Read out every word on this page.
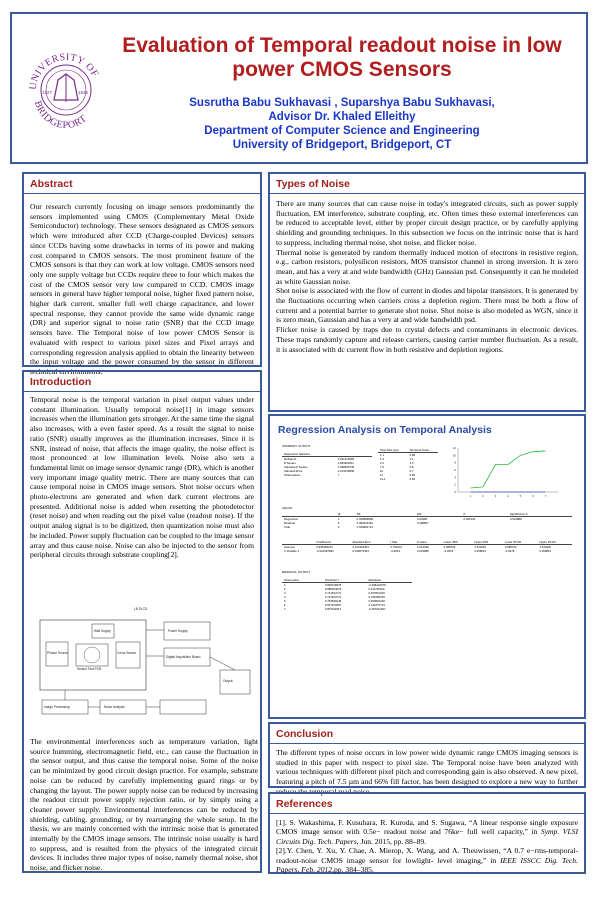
UNIVERSITY OF
BRIDGEPORT
1927	1936
Evaluation of Temporal readout noise in low power CMOS Sensors
Susrutha Babu Sukhavasi , Suparshya Babu Sukhavasi,
Advisor Dr. Khaled Elleithy
Department of Computer Science and Engineering
University of Bridgeport, Bridgeport, CT
Abstract

Our research currently focusing on image sensors predominantly the sensors implemented using CMOS (Complementary Metal Oxide Semiconductor) technology. These sensors designated as CMOS sensors which were introduced after CCD (Charge-coupled Devices) sensors since CCDs having some drawbacks in terms of its power and making cost compared to CMOS sensors. The most prominent feature of the CMOS sensors is that they can work at low voltage. CMOS sensors need only one supply voltage but CCDs require three to four which makes the cost of the CMOS sensor very low compared to CCD. CMOS image sensors in general have higher temporal noise, higher fixed pattern noise, higher dark current, smaller full well charge capacitance, and lower spectral response, they cannot provide the same wide dynamic range (DR) and superior signal to noise ratio (SNR) that the CCD image sensors have. The Temporal noise of low power CMOS Sensor is evaluated with respect to various pixel sizes and Pixel arrays and corresponding regression analysis applied to obtain the linearity between the input voltage and the power consumed by the sensor in different technical environments.

Introduction

Temporal noise is the temporal variation in pixel output values under constant illumination. Usually temporal noise[1] in image sensors increases when the illumination gets stronger. At the same time the signal also increases, with a even faster speed. As a result the signal to noise ratio (SNR) usually improves as the illumination increases. Since it is SNR, instead of noise, that affects the image quality, the noise effect is most pronounced at low illumination levels. Noise also sets a fundamental limit on image sensor dynamic range (DR), which is another very important image quality metric. There are many sources that can cause temporal noise in CMOS image sensors. Shot noise occurs when photo-electrons are generated and when dark current electrons are presented. Additional noise is added when resetting the photodetector (reset noise) and when reading out the pixel value (readout noise). If the output analog signal is to be digitized, then quantization noise must also be included. Power supply fluctuation can be coupled to the image sensor array and thus cause noise. Noise can also be injected to the sensor from peripheral circuits through substrate coupling[2].

LB SLCD
Wall Supply
Photon Source
Sensor Test PCB
Cmos Sensor
Power Supply
Digital Acquisition Board
Output
Image Processing	Noise Analysis

The environmental interferences such as temperature variation, light source humming, electromagnetic field, etc., can cause the fluctuation in the sensor output, and thus cause the temporal noise. Some of the noise can be minimized by good circuit design practice. For example, substrate noise can be reduced by carefully implementing guard rings or by changing the layout. The power supply noise can be reduced by increasing the readout circuit power supply rejection ratio, or by simply using a cleaner power supply. Environmental interferences can be reduced by shielding, cabling, grounding, or by rearranging the whole setup. In the thesis, we are mainly concerned with the intrinsic noise that is generated internally by the CMOS image sensors. The intrinsic noise usually is hard to suppress, and is resulted from the physics of the integrated circuit devices. It includes three major types of noise, namely thermal noise, shot noise, and flicker noise.

Types of Noise

There are many sources that can cause noise in today's integrated circuits, such as power supply fluctuation, EM interference, substrate coupling, etc. Often times these external interferences can be reduced to acceptable level, either by proper circuit design practice, or by carefully applying shielding and grounding techniques. In this subsection we focus on the intrinsic noise that is hard to suppress, including thermal noise, shot noise, and flicker noise.

Thermal noise is generated by random thermally induced motion of electrons in resistive region, e.g., carbon resistors, polysilicon resistors, MOS transistor channel in strong inversion. It is zero mean, and has a very at and wide bandwidth (GHz) Gaussian psd. Consequently it can be modeled as white Gaussian noise.

Shot noise is associated with the flow of current in diodes and bipolar transistors. It is generated by the fluctuations occurring when carriers cross a depletion region. There must be both a flow of current and a potential barrier to generate shot noise. Shot noise is also modeled as WGN, since it is zero mean, Gaussian and has a very at and wide bandwidth psd.

Flicker noise is caused by traps due to crystal defects and contaminants in electronic devices. These traps randomly capture and release carriers, causing carrier number fluctuation. As a result, it is associated with dc current flow in both resistive and depletion regions.

Regression Analysis on Temporal Analysis
SUMMARY OUTPUT
Regression Statistics	
Multiple R	0.291415985
R Square	0.084923211
Adjusted R Square	0.098840746
Standard Error	0.314418658
Observations	7
Pixel Size (µm)	Temporal Noise
1.1	0.86
1.4	1.1
2.2	1.3
7.5	0.8
10	0.7
11	0.85
11.2	0.66
0
2
4
6
8
10
12
1	2	3	4	5	6	7
ANOVA
	df	SS	MS	F	Significance F
Regression	1	0.046889868	0.04685	0.466136	0.524888
Residual	5	0.494032464	0.098807		
Total	6	0.539881714			
	Coefficients	Standard Error	t Stat	P-value	Lower 95%	Upper 95%	Lower 95.0%	Upper 95.0%
Intercept	0.958460279	0.244302363	3.752221	0.013338	0.388763	1.543330	0.388763	1.543330
X Variable 1	-0.020487893	0.030075463	-0.6813	0.524888	-0.0978	0.058823	-0.0978	0.058823
RESIDUAL OUTPUT
Observation	Predicted Y	Residuals
1	0.896418378	-0.036418378
2	0.888204678	0.211795322
3	0.741814771	0.457816229
4	0.741814771	0.158185229
5	0.753816248	0.053816248
6	0.807570287	0.134475713
7	0.807611847	-0.057611847
Conclusion

The different types of noise occurs in low power wide dynamic range CMOS imaging sensors is studied in this paper with respect to pixel size. The Temporal noise have been analyzed with various techniques with different pixel pitch and corresponding gain is also observed. A new pixel, featuring a pitch of 7.5 µm and 66% fill factor, has been designed to explore a new way to further reduce the temporal read noise.

References

[1]. S. Wakashima, F. Kusuhara, R. Kuroda, and S. Sugawa, “A linear response single exposure CMOS image sensor with 0.5e− readout noise and 76ke− full well capacity,” in Symp. VLSI Circuits Dig. Tech. Papers, Jun. 2015, pp. 88–89.

[2].Y. Chen, Y. Xu, Y. Chae, A. Mierop, X. Wang, and A. Theuwissen, “A 0.7 e−rms-temporal-readout-noise CMOS image sensor for lowlight- level imaging,” in IEEE ISSCC Dig. Tech. Papers, Feb. 2012,pp. 384–385.
